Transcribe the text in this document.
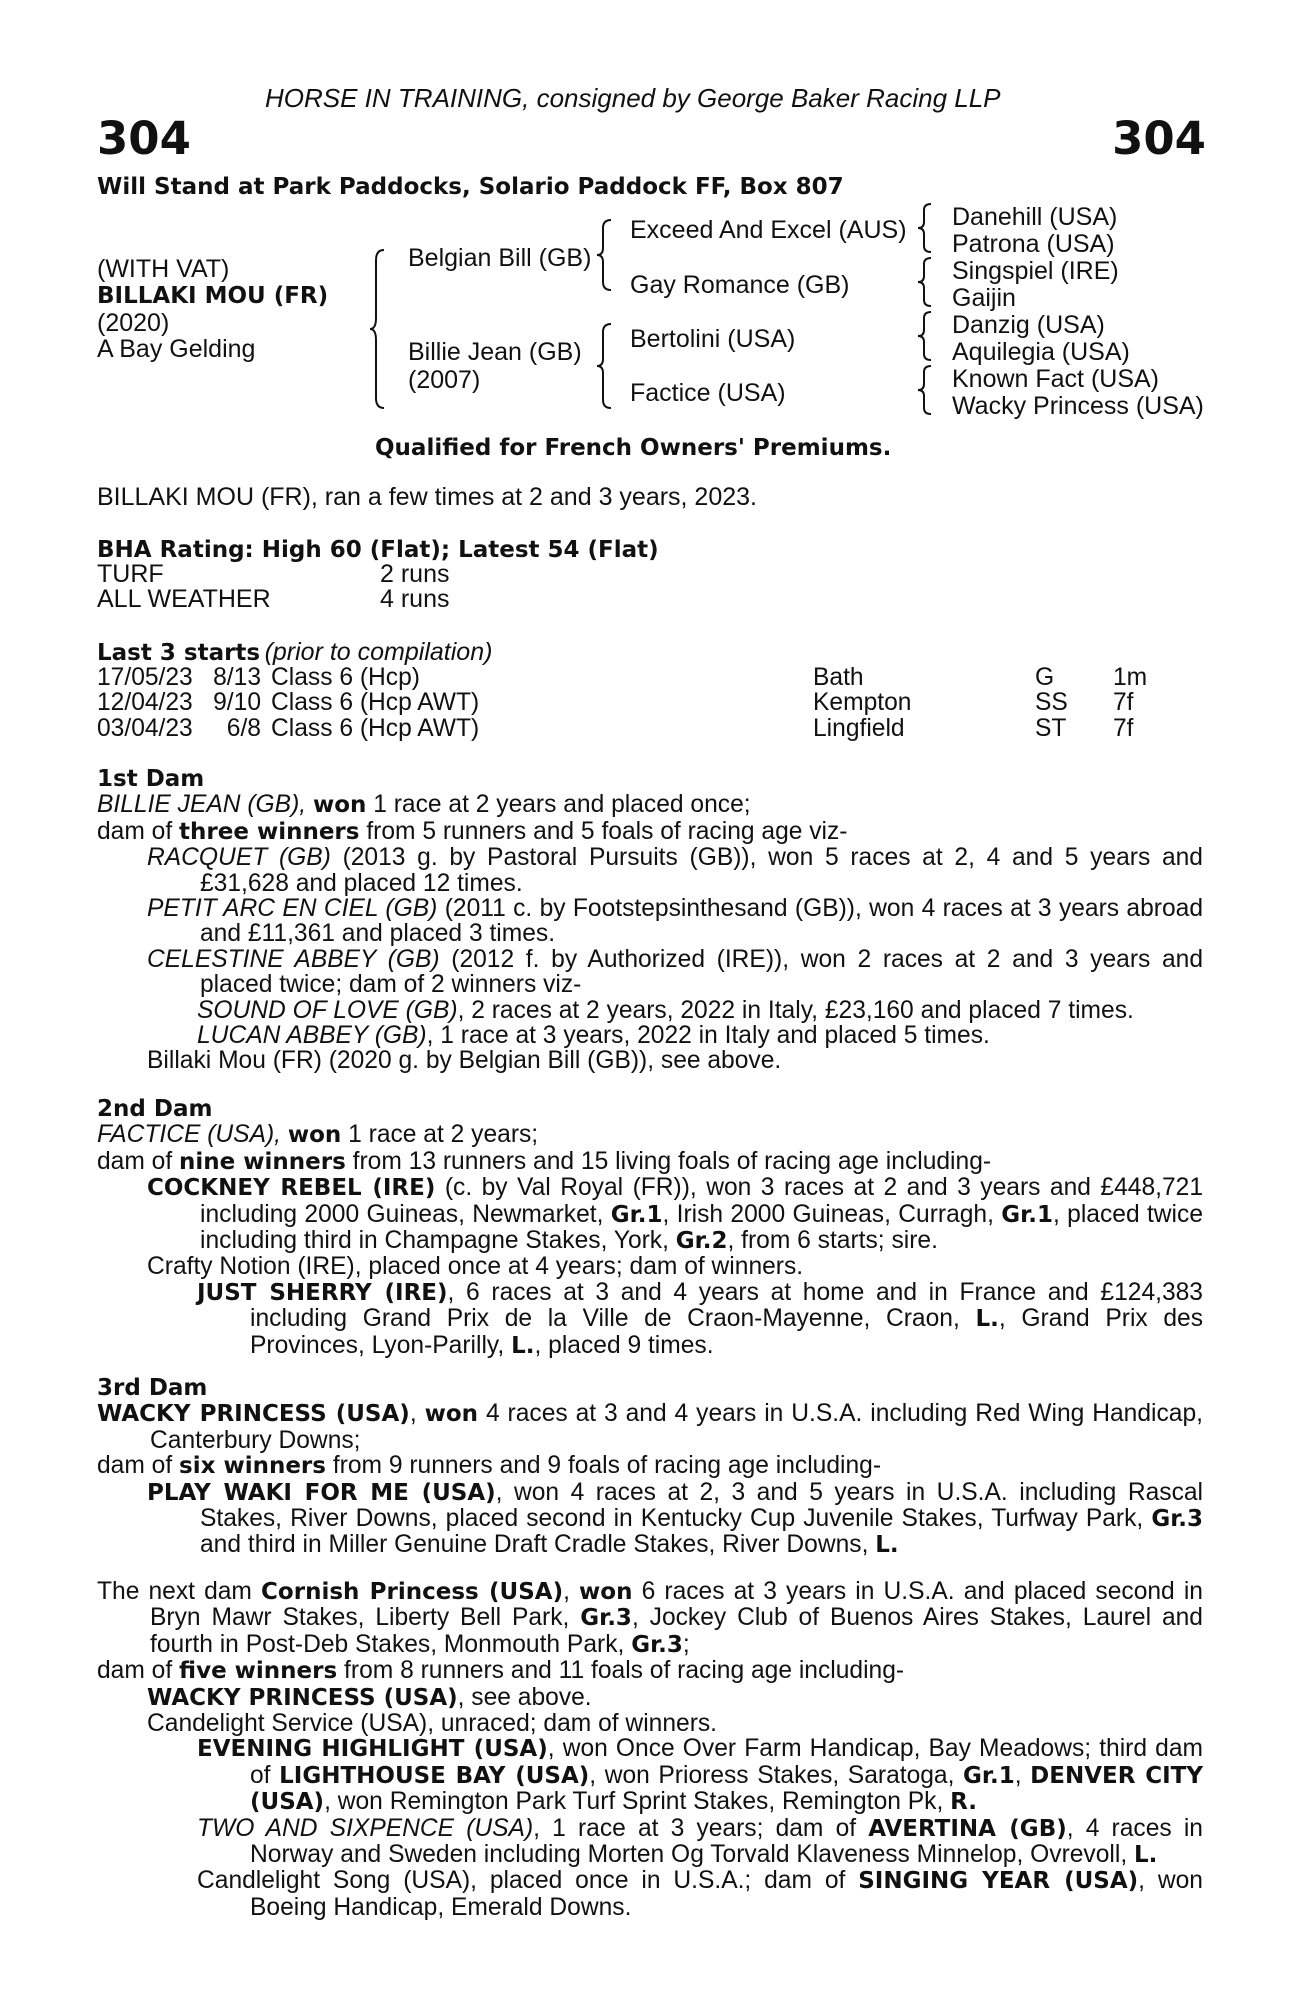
HORSE IN TRAINING, consigned by George Baker Racing LLP
304	304
Will Stand at Park Paddocks, Solario Paddock FF, Box 807
(WITH VAT)
BILLAKI MOU (FR)
(2020)
A Bay Gelding
Belgian Bill (GB)
Billie Jean (GB)
(2007)
Exceed And Excel (AUS)
Gay Romance (GB)
Bertolini (USA)
Factice (USA)
Danehill (USA)
Patrona (USA)
Singspiel (IRE)
Gaijin
Danzig (USA)
Aquilegia (USA)
Known Fact (USA)
Wacky Princess (USA)
Qualified for French Owners' Premiums.
BILLAKI MOU (FR), ran a few times at 2 and 3 years, 2023.
BHA Rating: High 60 (Flat); Latest 54 (Flat)
TURF	2 runs
ALL WEATHER	4 runs
Last 3 starts (prior to compilation)
17/05/23	8/13	Class 6 (Hcp)	Bath	G	1m
12/04/23	9/10	Class 6 (Hcp AWT)	Kempton	SS	7f
03/04/23	6/8	Class 6 (Hcp AWT)	Lingfield	ST	7f

1st Dam

BILLIE JEAN (GB), won 1 race at 2 years and placed once;

dam of three winners from 5 runners and 5 foals of racing age viz-

RACQUET (GB) (2013 g. by Pastoral Pursuits (GB)), won 5 races at 2, 4 and 5 years and £31,628 and placed 12 times.

PETIT ARC EN CIEL (GB) (2011 c. by Footstepsinthesand (GB)), won 4 races at 3 years abroad and £11,361 and placed 3 times.

CELESTINE ABBEY (GB) (2012 f. by Authorized (IRE)), won 2 races at 2 and 3 years and placed twice; dam of 2 winners viz-

SOUND OF LOVE (GB), 2 races at 2 years, 2022 in Italy, £23,160 and placed 7 times.

LUCAN ABBEY (GB), 1 race at 3 years, 2022 in Italy and placed 5 times.

Billaki Mou (FR) (2020 g. by Belgian Bill (GB)), see above.

2nd Dam

FACTICE (USA), won 1 race at 2 years;

dam of nine winners from 13 runners and 15 living foals of racing age including-

COCKNEY REBEL (IRE) (c. by Val Royal (FR)), won 3 races at 2 and 3 years and £448,721 including 2000 Guineas, Newmarket, Gr.1, Irish 2000 Guineas, Curragh, Gr.1, placed twice including third in Champagne Stakes, York, Gr.2, from 6 starts; sire.

Crafty Notion (IRE), placed once at 4 years; dam of winners.

JUST SHERRY (IRE), 6 races at 3 and 4 years at home and in France and £124,383 including Grand Prix de la Ville de Craon-Mayenne, Craon, L., Grand Prix des Provinces, Lyon-Parilly, L., placed 9 times.

3rd Dam

WACKY PRINCESS (USA), won 4 races at 3 and 4 years in U.S.A. including Red Wing Handicap, Canterbury Downs;

dam of six winners from 9 runners and 9 foals of racing age including-

PLAY WAKI FOR ME (USA), won 4 races at 2, 3 and 5 years in U.S.A. including Rascal Stakes, River Downs, placed second in Kentucky Cup Juvenile Stakes, Turfway Park, Gr.3 and third in Miller Genuine Draft Cradle Stakes, River Downs, L.

The next dam Cornish Princess (USA), won 6 races at 3 years in U.S.A. and placed second in Bryn Mawr Stakes, Liberty Bell Park, Gr.3, Jockey Club of Buenos Aires Stakes, Laurel and fourth in Post-Deb Stakes, Monmouth Park, Gr.3;

dam of five winners from 8 runners and 11 foals of racing age including-

WACKY PRINCESS (USA), see above.

Candelight Service (USA), unraced; dam of winners.

EVENING HIGHLIGHT (USA), won Once Over Farm Handicap, Bay Meadows; third dam of LIGHTHOUSE BAY (USA), won Prioress Stakes, Saratoga, Gr.1, DENVER CITY (USA), won Remington Park Turf Sprint Stakes, Remington Pk, R.

TWO AND SIXPENCE (USA), 1 race at 3 years; dam of AVERTINA (GB), 4 races in Norway and Sweden including Morten Og Torvald Klaveness Minnelop, Ovrevoll, L.

Candlelight Song (USA), placed once in U.S.A.; dam of SINGING YEAR (USA), won Boeing Handicap, Emerald Downs.
